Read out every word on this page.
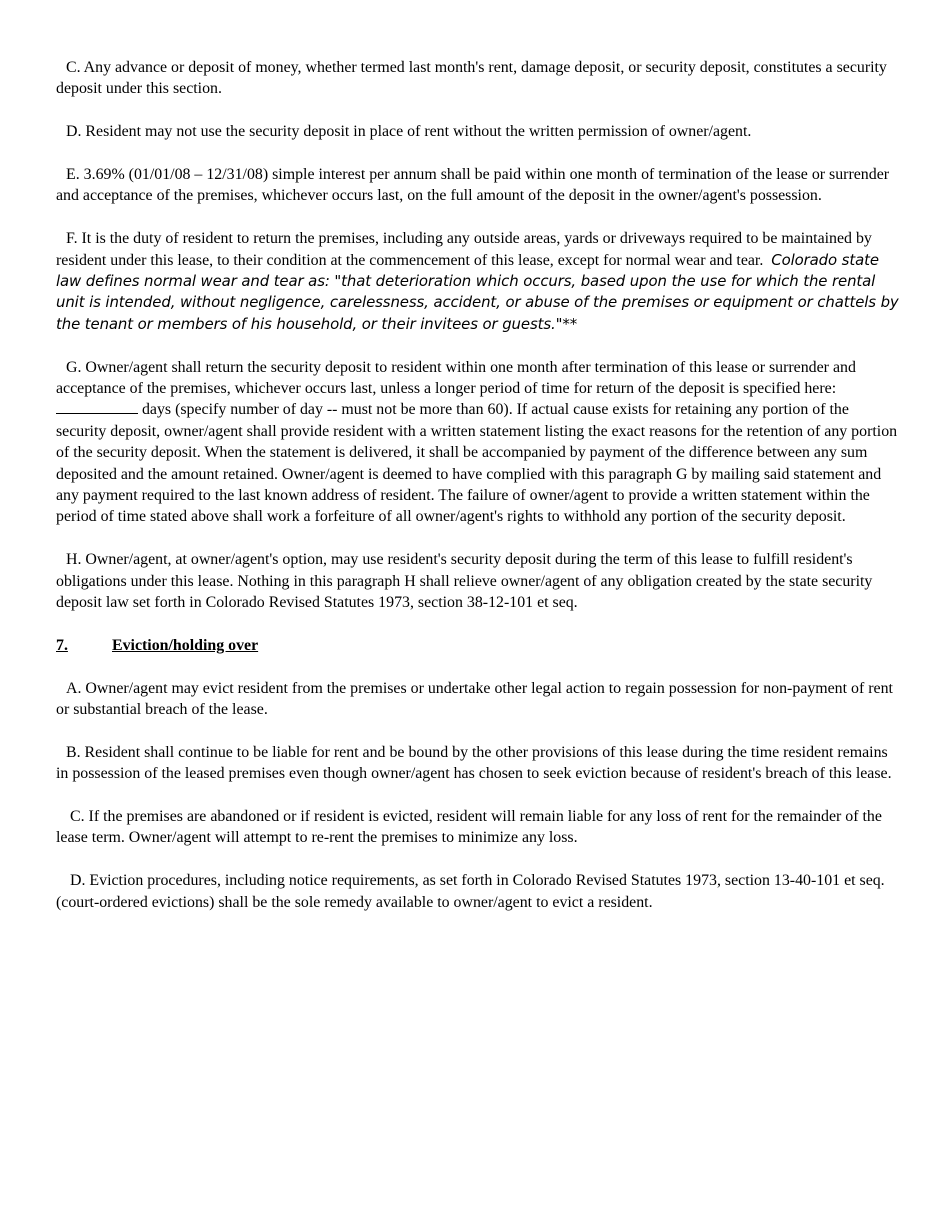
C. Any advance or deposit of money, whether termed last month's rent, damage deposit, or security deposit, constitutes a security deposit under this section.

D. Resident may not use the security deposit in place of rent without the written permission of owner/agent.

E. 3.69% (01/01/08 – 12/31/08) simple interest per annum shall be paid within one month of termination of the lease or surrender and acceptance of the premises, whichever occurs last, on the full amount of the deposit in the owner/agent's possession.

F. It is the duty of resident to return the premises, including any outside areas, yards or driveways required to be maintained by resident under this lease, to their condition at the commencement of this lease, except for normal wear and tear. Colorado state law defines normal wear and tear as: "that deterioration which occurs, based upon the use for which the rental unit is intended, without negligence, carelessness, accident, or abuse of the premises or equipment or chattels by the tenant or members of his household, or their invitees or guests."**

G. Owner/agent shall return the security deposit to resident within one month after termination of this lease or surrender and acceptance of the premises, whichever occurs last, unless a longer period of time for return of the deposit is specified here:  days (specify number of day -- must not be more than 60). If actual cause exists for retaining any portion of the security deposit, owner/agent shall provide resident with a written statement listing the exact reasons for the retention of any portion of the security deposit. When the statement is delivered, it shall be accompanied by payment of the difference between any sum deposited and the amount retained. Owner/agent is deemed to have complied with this paragraph G by mailing said statement and any payment required to the last known address of resident. The failure of owner/agent to provide a written statement within the period of time stated above shall work a forfeiture of all owner/agent's rights to withhold any portion of the security deposit.

H. Owner/agent, at owner/agent's option, may use resident's security deposit during the term of this lease to fulfill resident's obligations under this lease. Nothing in this paragraph H shall relieve owner/agent of any obligation created by the state security deposit law set forth in Colorado Revised Statutes 1973, section 38-12-101 et seq.

7.	Eviction/holding over

A. Owner/agent may evict resident from the premises or undertake other legal action to regain possession for non-payment of rent or substantial breach of the lease.

B. Resident shall continue to be liable for rent and be bound by the other provisions of this lease during the time resident remains in possession of the leased premises even though owner/agent has chosen to seek eviction because of resident's breach of this lease.

C. If the premises are abandoned or if resident is evicted, resident will remain liable for any loss of rent for the remainder of the lease term. Owner/agent will attempt to re-rent the premises to minimize any loss.

D. Eviction procedures, including notice requirements, as set forth in Colorado Revised Statutes 1973, section 13-40-101 et seq. (court-ordered evictions) shall be the sole remedy available to owner/agent to evict a resident.
